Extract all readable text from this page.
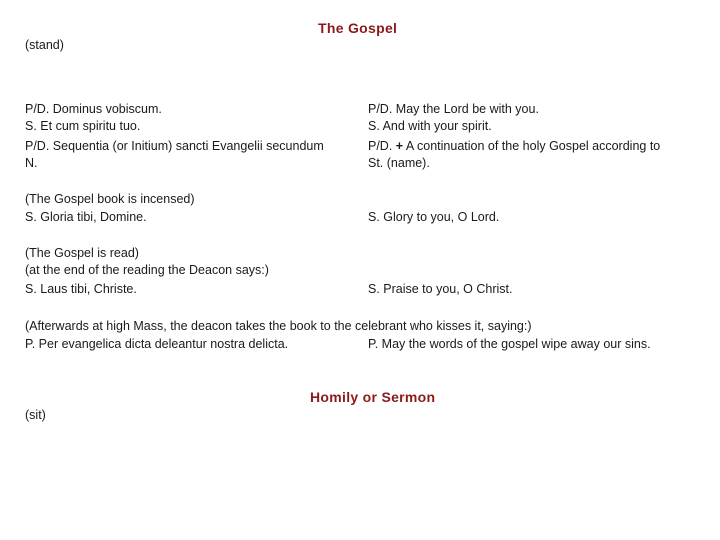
The Gospel
(stand)
P/D. Dominus vobiscum.	P/D. May the Lord be with you.
S. Et cum spiritu tuo.	S. And with your spirit.
P/D. Sequentia (or Initium) sancti Evangelii secundum	P/D. + A continuation of the holy Gospel according to
N.	St. (name).
(The Gospel book is incensed)
S. Gloria tibi, Domine.	S. Glory to you, O Lord.
(The Gospel is read)
(at the end of the reading the Deacon says:)
S. Laus tibi, Christe.	S. Praise to you, O Christ.
(Afterwards at high Mass, the deacon takes the book to the celebrant who kisses it, saying:)
P. Per evangelica dicta deleantur nostra delicta.	P. May the words of the gospel wipe away our sins.
Homily or Sermon
(sit)
